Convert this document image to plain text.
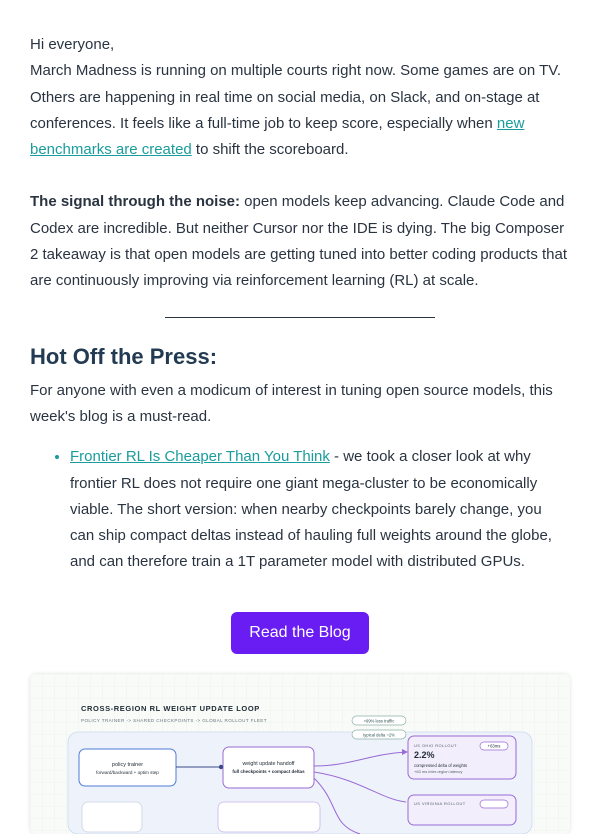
Hi everyone,

March Madness is running on multiple courts right now. Some games are on TV. Others are happening in real time on social media, on Slack, and on-stage at conferences. It feels like a full-time job to keep score, especially when new benchmarks are created to shift the scoreboard.

The signal through the noise: open models keep advancing. Claude Code and Codex are incredible. But neither Cursor nor the IDE is dying. The big Composer 2 takeaway is that open models are getting tuned into better coding products that are continuously improving via reinforcement learning (RL) at scale.

Hot Off the Press:

For anyone with even a modicum of interest in tuning open source models, this week's blog is a must-read.

• Frontier RL Is Cheaper Than You Think - we took a closer look at why frontier RL does not require one giant mega-cluster to be economically viable. The short version: when nearby checkpoints barely change, you can ship compact deltas instead of hauling full weights around the globe, and can therefore train a 1T parameter model with distributed GPUs.
Read the Blog
CROSS-REGION RL WEIGHT UPDATE LOOP
POLICY TRAINER -> SHARED CHECKPOINTS -> GLOBAL ROLLOUT FLEET	≈99% less traffic
typical delta ~2%
policy trainer
forward/backward + optim step
weight update handoff
full checkpoints + compact deltas
US OHIO ROLLOUT	+63ms
2.2%
compressed delta of weights
+63 ms inter-region latency
US VIRGINIA ROLLOUT
